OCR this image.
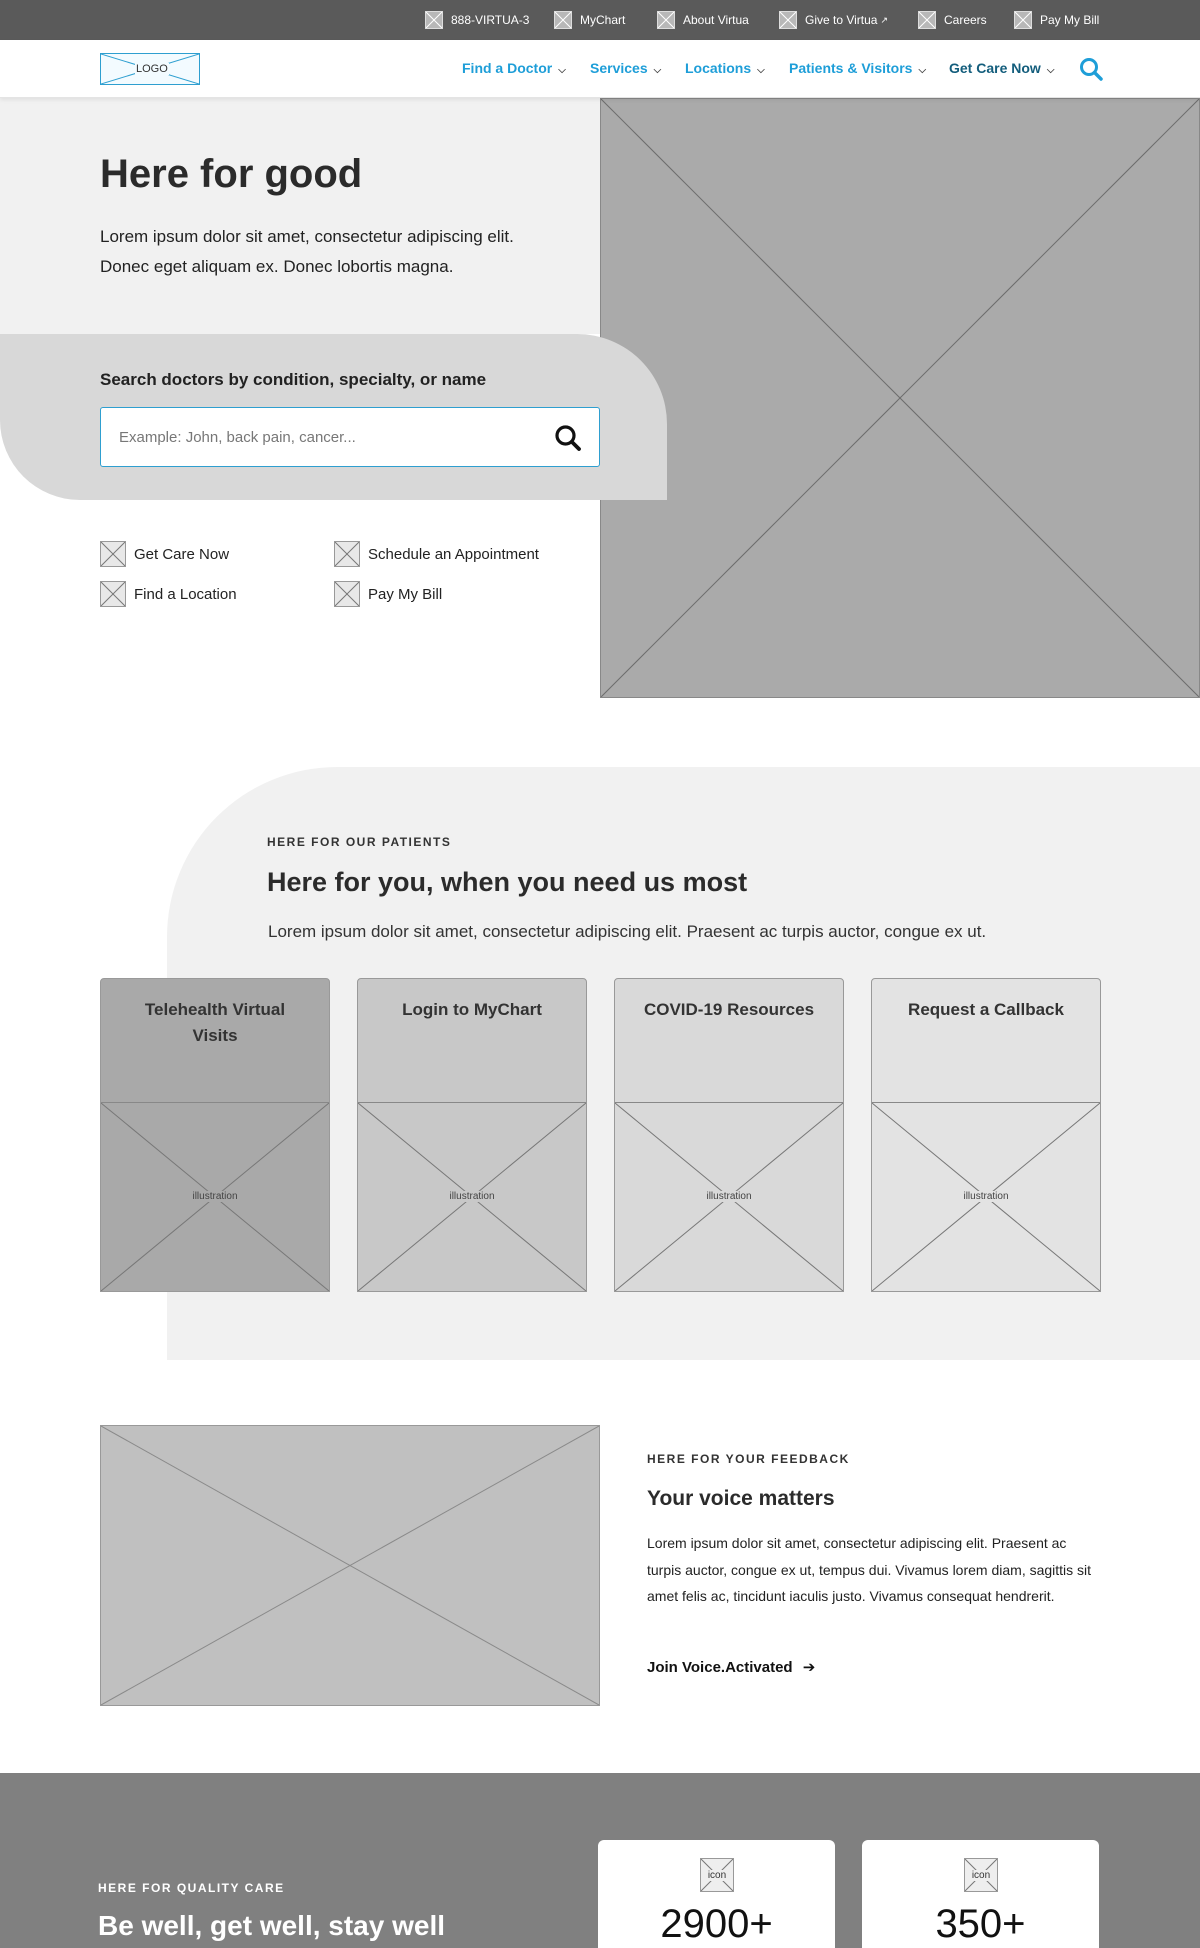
888-VIRTUA-3	MyChart	About Virtua	Give to Virtua ↗	Careers	Pay My Bill
LOGO	Find a Doctor ⌵ Services ⌵ Locations ⌵ Patients & Visitors ⌵ Get Care Now ⌵
Here for good
Lorem ipsum dolor sit amet, consectetur adipiscing elit.
Donec eget aliquam ex. Donec lobortis magna.
Search doctors by condition, specialty, or name
Example: John, back pain, cancer...
Get Care Now	Schedule an Appointment
Find a Location	Pay My Bill
HERE FOR OUR PATIENTS
Here for you, when you need us most

Lorem ipsum dolor sit amet, consectetur adipiscing elit. Praesent ac turpis auctor, congue ex ut.

Telehealth Virtual Visits
illustration
Login to MyChart
illustration
COVID-19 Resources
illustration
Request a Callback
illustration
HERE FOR YOUR FEEDBACK
Your voice matters

Lorem ipsum dolor sit amet, consectetur adipiscing elit. Praesent ac turpis auctor, congue ex ut, tempus dui. Vivamus lorem diam, sagittis sit amet felis ac, tincidunt iaculis justo. Vivamus consequat hendrerit.

Join Voice.Activated ➔
HERE FOR QUALITY CARE
Be well, get well, stay well
icon
2900+
icon
350+
